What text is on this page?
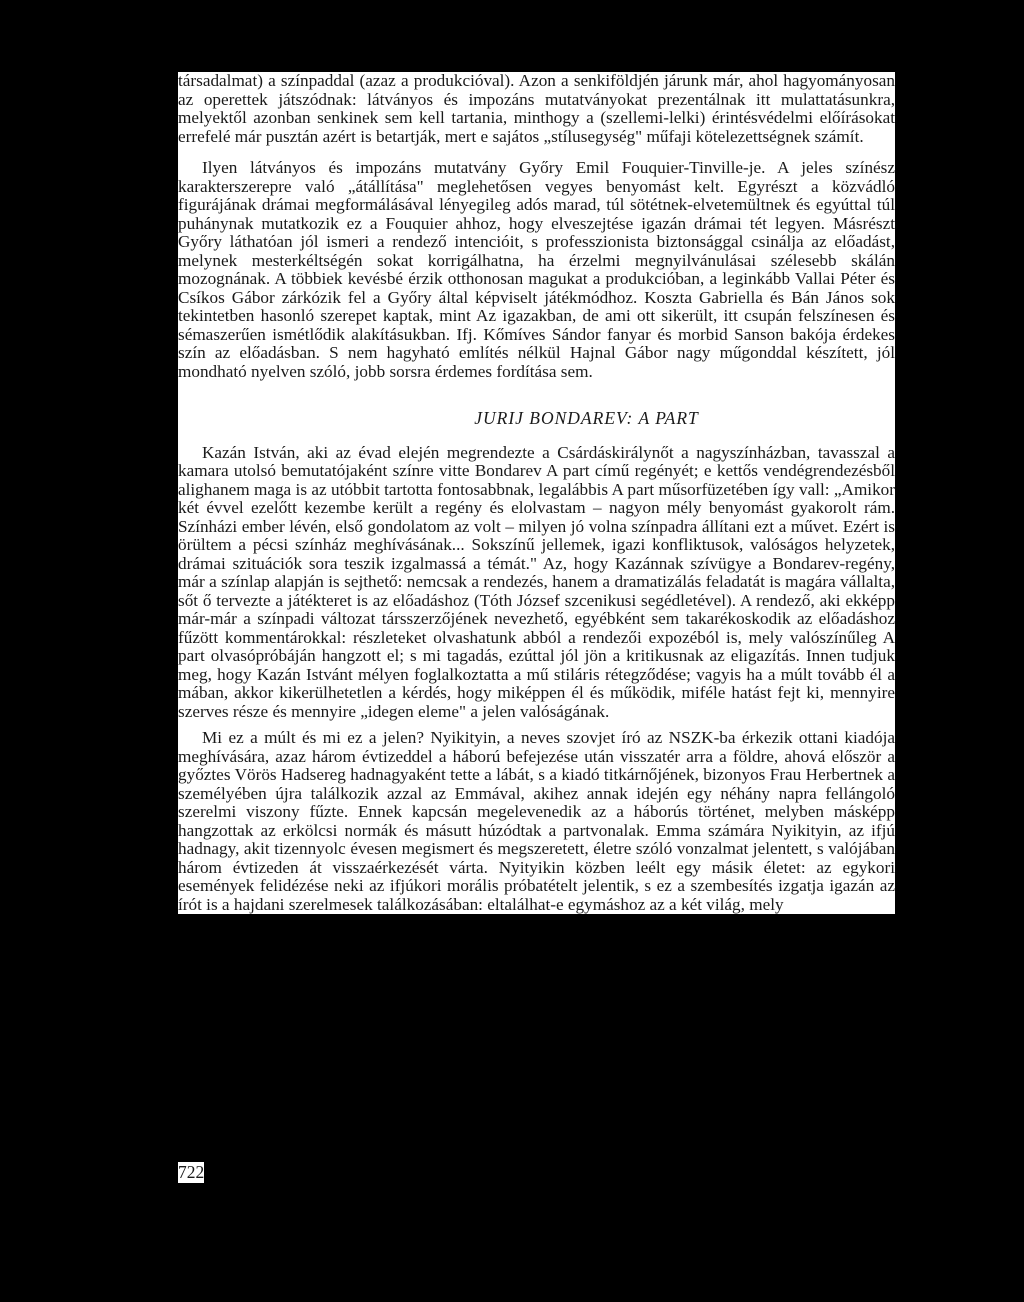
társadalmat) a színpaddal (azaz a produkcióval). Azon a senkiföldjén járunk már, ahol hagyományosan az operettek játszódnak: látványos és impozáns mutatványokat prezentálnak itt mulattatásunkra, melyektől azonban senkinek sem kell tartania, minthogy a (szellemi-lelki) érintésvédelmi előírásokat errefelé már pusztán azért is betartják, mert e sajátos „stílusegység" műfaji kötelezettségnek számít.

Ilyen látványos és impozáns mutatvány Győry Emil Fouquier-Tinville-je. A jeles színész karakterszerepre való „átállítása" meglehetősen vegyes benyomást kelt. Egyrészt a közvádló figurájának drámai megformálásával lényegileg adós marad, túl sötétnek-elvetemültnek és egyúttal túl puhánynak mutatkozik ez a Fouquier ahhoz, hogy elveszejtése igazán drámai tét legyen. Másrészt Győry láthatóan jól ismeri a rendező intencióit, s professzionista biztonsággal csinálja az előadást, melynek mesterkéltségén sokat korrigálhatna, ha érzelmi megnyilvánulásai szélesebb skálán mozognának. A többiek kevésbé érzik otthonosan magukat a produkcióban, a leginkább Vallai Péter és Csíkos Gábor zárkózik fel a Győry által képviselt játékmódhoz. Koszta Gabriella és Bán János sok tekintetben hasonló szerepet kaptak, mint Az igazakban, de ami ott sikerült, itt csupán felszínesen és sémaszerűen ismétlődik alakításukban. Ifj. Kőmíves Sándor fanyar és morbid Sanson bakója érdekes szín az előadásban. S nem hagyható említés nélkül Hajnal Gábor nagy műgonddal készített, jól mondható nyelven szóló, jobb sorsra érdemes fordítása sem.

JURIJ BONDAREV: A PART

Kazán István, aki az évad elején megrendezte a Csárdáskirálynőt a nagyszínházban, tavasszal a kamara utolsó bemutatójaként színre vitte Bondarev A part című regényét; e kettős vendégrendezésből alighanem maga is az utóbbit tartotta fontosabbnak, legalábbis A part műsorfüzetében így vall: „Amikor két évvel ezelőtt kezembe került a regény és elolvastam – nagyon mély benyomást gyakorolt rám. Színházi ember lévén, első gondolatom az volt – milyen jó volna színpadra állítani ezt a művet. Ezért is örültem a pécsi színház meghívásának... Sokszínű jellemek, igazi konfliktusok, valóságos helyzetek, drámai szituációk sora teszik izgalmassá a témát." Az, hogy Kazánnak szívügye a Bondarev-regény, már a színlap alapján is sejthető: nemcsak a rendezés, hanem a dramatizálás feladatát is magára vállalta, sőt ő tervezte a játékteret is az előadáshoz (Tóth József szcenikusi segédletével). A rendező, aki ekképp már-már a színpadi változat társszerzőjének nevezhető, egyébként sem takarékoskodik az előadáshoz fűzött kommentárokkal: részleteket olvashatunk abból a rendezői expozéból is, mely valószínűleg A part olvasópróbáján hangzott el; s mi tagadás, ezúttal jól jön a kritikusnak az eligazítás. Innen tudjuk meg, hogy Kazán Istvánt mélyen foglalkoztatta a mű stiláris rétegződése; vagyis ha a múlt tovább él a mában, akkor kikerülhetetlen a kérdés, hogy miképpen él és működik, miféle hatást fejt ki, mennyire szerves része és mennyire „idegen eleme" a jelen valóságának.

Mi ez a múlt és mi ez a jelen? Nyikityin, a neves szovjet író az NSZK-ba érkezik ottani kiadója meghívására, azaz három évtizeddel a háború befejezése után visszatér arra a földre, ahová először a győztes Vörös Hadsereg hadnagyaként tette a lábát, s a kiadó titkárnőjének, bizonyos Frau Herbertnek a személyében újra találkozik azzal az Emmával, akihez annak idején egy néhány napra fellángoló szerelmi viszony fűzte. Ennek kapcsán megelevenedik az a háborús történet, melyben másképp hangzottak az erkölcsi normák és másutt húzódtak a partvonalak. Emma számára Nyikityin, az ifjú hadnagy, akit tizennyolc évesen megismert és megszeretett, életre szóló vonzalmat jelentett, s valójában három évtizeden át visszaérkezését várta. Nyityikin közben leélt egy másik életet: az egykori események felidézése neki az ifjúkori morális próbatételt jelentik, s ez a szembesítés izgatja igazán az írót is a hajdani szerelmesek találkozásában: eltalálhat-e egymáshoz az a két világ, mely

722
